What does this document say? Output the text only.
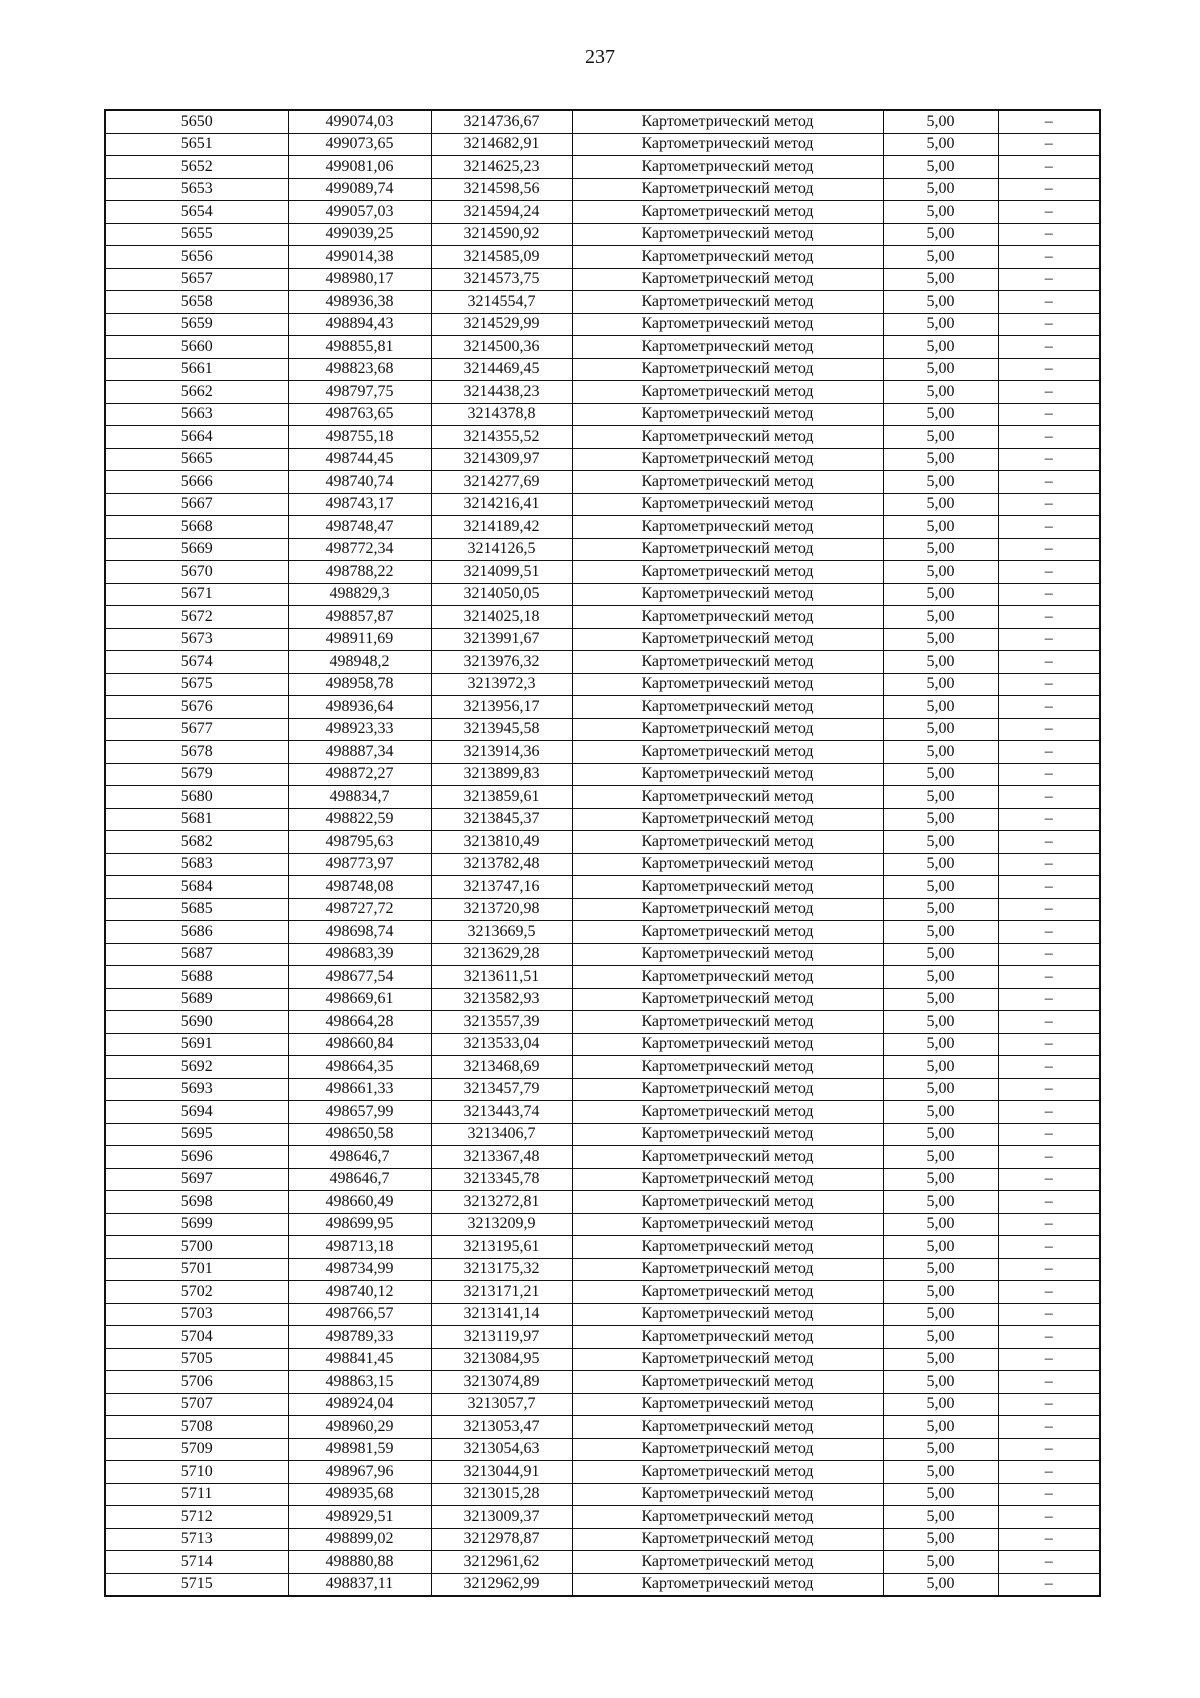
237
5650	499074,03	3214736,67	Картометрический метод	5,00	–
5651	499073,65	3214682,91	Картометрический метод	5,00	–
5652	499081,06	3214625,23	Картометрический метод	5,00	–
5653	499089,74	3214598,56	Картометрический метод	5,00	–
5654	499057,03	3214594,24	Картометрический метод	5,00	–
5655	499039,25	3214590,92	Картометрический метод	5,00	–
5656	499014,38	3214585,09	Картометрический метод	5,00	–
5657	498980,17	3214573,75	Картометрический метод	5,00	–
5658	498936,38	3214554,7	Картометрический метод	5,00	–
5659	498894,43	3214529,99	Картометрический метод	5,00	–
5660	498855,81	3214500,36	Картометрический метод	5,00	–
5661	498823,68	3214469,45	Картометрический метод	5,00	–
5662	498797,75	3214438,23	Картометрический метод	5,00	–
5663	498763,65	3214378,8	Картометрический метод	5,00	–
5664	498755,18	3214355,52	Картометрический метод	5,00	–
5665	498744,45	3214309,97	Картометрический метод	5,00	–
5666	498740,74	3214277,69	Картометрический метод	5,00	–
5667	498743,17	3214216,41	Картометрический метод	5,00	–
5668	498748,47	3214189,42	Картометрический метод	5,00	–
5669	498772,34	3214126,5	Картометрический метод	5,00	–
5670	498788,22	3214099,51	Картометрический метод	5,00	–
5671	498829,3	3214050,05	Картометрический метод	5,00	–
5672	498857,87	3214025,18	Картометрический метод	5,00	–
5673	498911,69	3213991,67	Картометрический метод	5,00	–
5674	498948,2	3213976,32	Картометрический метод	5,00	–
5675	498958,78	3213972,3	Картометрический метод	5,00	–
5676	498936,64	3213956,17	Картометрический метод	5,00	–
5677	498923,33	3213945,58	Картометрический метод	5,00	–
5678	498887,34	3213914,36	Картометрический метод	5,00	–
5679	498872,27	3213899,83	Картометрический метод	5,00	–
5680	498834,7	3213859,61	Картометрический метод	5,00	–
5681	498822,59	3213845,37	Картометрический метод	5,00	–
5682	498795,63	3213810,49	Картометрический метод	5,00	–
5683	498773,97	3213782,48	Картометрический метод	5,00	–
5684	498748,08	3213747,16	Картометрический метод	5,00	–
5685	498727,72	3213720,98	Картометрический метод	5,00	–
5686	498698,74	3213669,5	Картометрический метод	5,00	–
5687	498683,39	3213629,28	Картометрический метод	5,00	–
5688	498677,54	3213611,51	Картометрический метод	5,00	–
5689	498669,61	3213582,93	Картометрический метод	5,00	–
5690	498664,28	3213557,39	Картометрический метод	5,00	–
5691	498660,84	3213533,04	Картометрический метод	5,00	–
5692	498664,35	3213468,69	Картометрический метод	5,00	–
5693	498661,33	3213457,79	Картометрический метод	5,00	–
5694	498657,99	3213443,74	Картометрический метод	5,00	–
5695	498650,58	3213406,7	Картометрический метод	5,00	–
5696	498646,7	3213367,48	Картометрический метод	5,00	–
5697	498646,7	3213345,78	Картометрический метод	5,00	–
5698	498660,49	3213272,81	Картометрический метод	5,00	–
5699	498699,95	3213209,9	Картометрический метод	5,00	–
5700	498713,18	3213195,61	Картометрический метод	5,00	–
5701	498734,99	3213175,32	Картометрический метод	5,00	–
5702	498740,12	3213171,21	Картометрический метод	5,00	–
5703	498766,57	3213141,14	Картометрический метод	5,00	–
5704	498789,33	3213119,97	Картометрический метод	5,00	–
5705	498841,45	3213084,95	Картометрический метод	5,00	–
5706	498863,15	3213074,89	Картометрический метод	5,00	–
5707	498924,04	3213057,7	Картометрический метод	5,00	–
5708	498960,29	3213053,47	Картометрический метод	5,00	–
5709	498981,59	3213054,63	Картометрический метод	5,00	–
5710	498967,96	3213044,91	Картометрический метод	5,00	–
5711	498935,68	3213015,28	Картометрический метод	5,00	–
5712	498929,51	3213009,37	Картометрический метод	5,00	–
5713	498899,02	3212978,87	Картометрический метод	5,00	–
5714	498880,88	3212961,62	Картометрический метод	5,00	–
5715	498837,11	3212962,99	Картометрический метод	5,00	–
